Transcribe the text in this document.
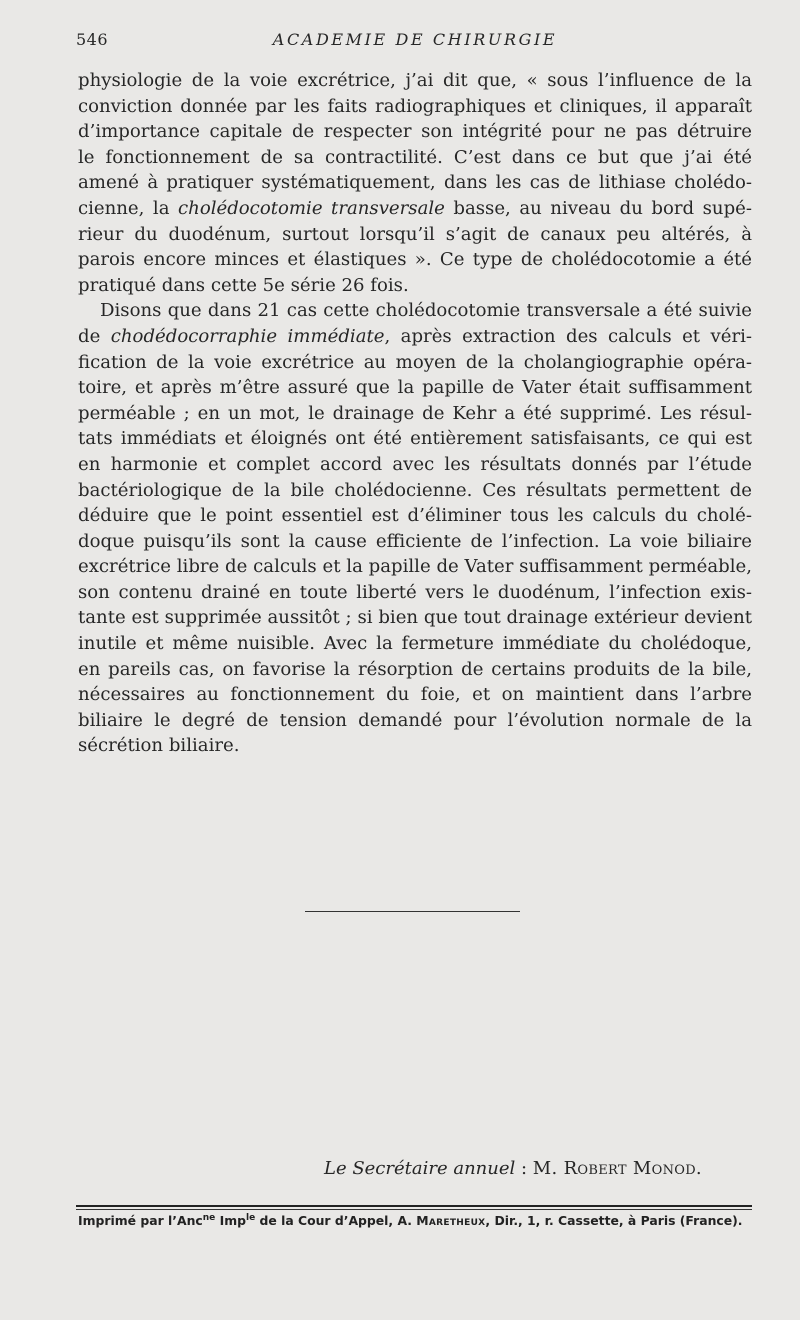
546	ACADEMIE DE CHIRURGIE
physiologie de la voie excrétrice, j’ai dit que, « sous l’influence de la
conviction donnée par les faits radiographiques et cliniques, il apparaît
d’importance capitale de respecter son intégrité pour ne pas détruire
le fonctionnement de sa contractilité. C’est dans ce but que j’ai été
amené à pratiquer systématiquement, dans les cas de lithiase cholédo-
cienne, la cholédocotomie transversale basse, au niveau du bord supé-
rieur du duodénum, surtout lorsqu’il s’agit de canaux peu altérés, à
parois encore minces et élastiques ». Ce type de cholédocotomie a été
pratiqué dans cette 5e série 26 fois.
Disons que dans 21 cas cette cholédocotomie transversale a été suivie
de chodédocorraphie immédiate, après extraction des calculs et véri-
fication de la voie excrétrice au moyen de la cholangiographie opéra-
toire, et après m’être assuré que la papille de Vater était suffisamment
perméable ; en un mot, le drainage de Kehr a été supprimé. Les résul-
tats immédiats et éloignés ont été entièrement satisfaisants, ce qui est
en harmonie et complet accord avec les résultats donnés par l’étude
bactériologique de la bile cholédocienne. Ces résultats permettent de
déduire que le point essentiel est d’éliminer tous les calculs du cholé-
doque puisqu’ils sont la cause efficiente de l’infection. La voie biliaire
excrétrice libre de calculs et la papille de Vater suffisamment perméable,
son contenu drainé en toute liberté vers le duodénum, l’infection exis-
tante est supprimée aussitôt ; si bien que tout drainage extérieur devient
inutile et même nuisible. Avec la fermeture immédiate du cholédoque,
en pareils cas, on favorise la résorption de certains produits de la bile,
nécessaires au fonctionnement du foie, et on maintient dans l’arbre
biliaire le degré de tension demandé pour l’évolution normale de la
sécrétion biliaire.
Le Secrétaire annuel : M. Robert Monod.
Imprimé par l’Anc$^{ne}$ Imp$^{le}$ de la Cour d’Appel, A. Maretheux, Dir., 1, r. Cassette, à Paris (France).
